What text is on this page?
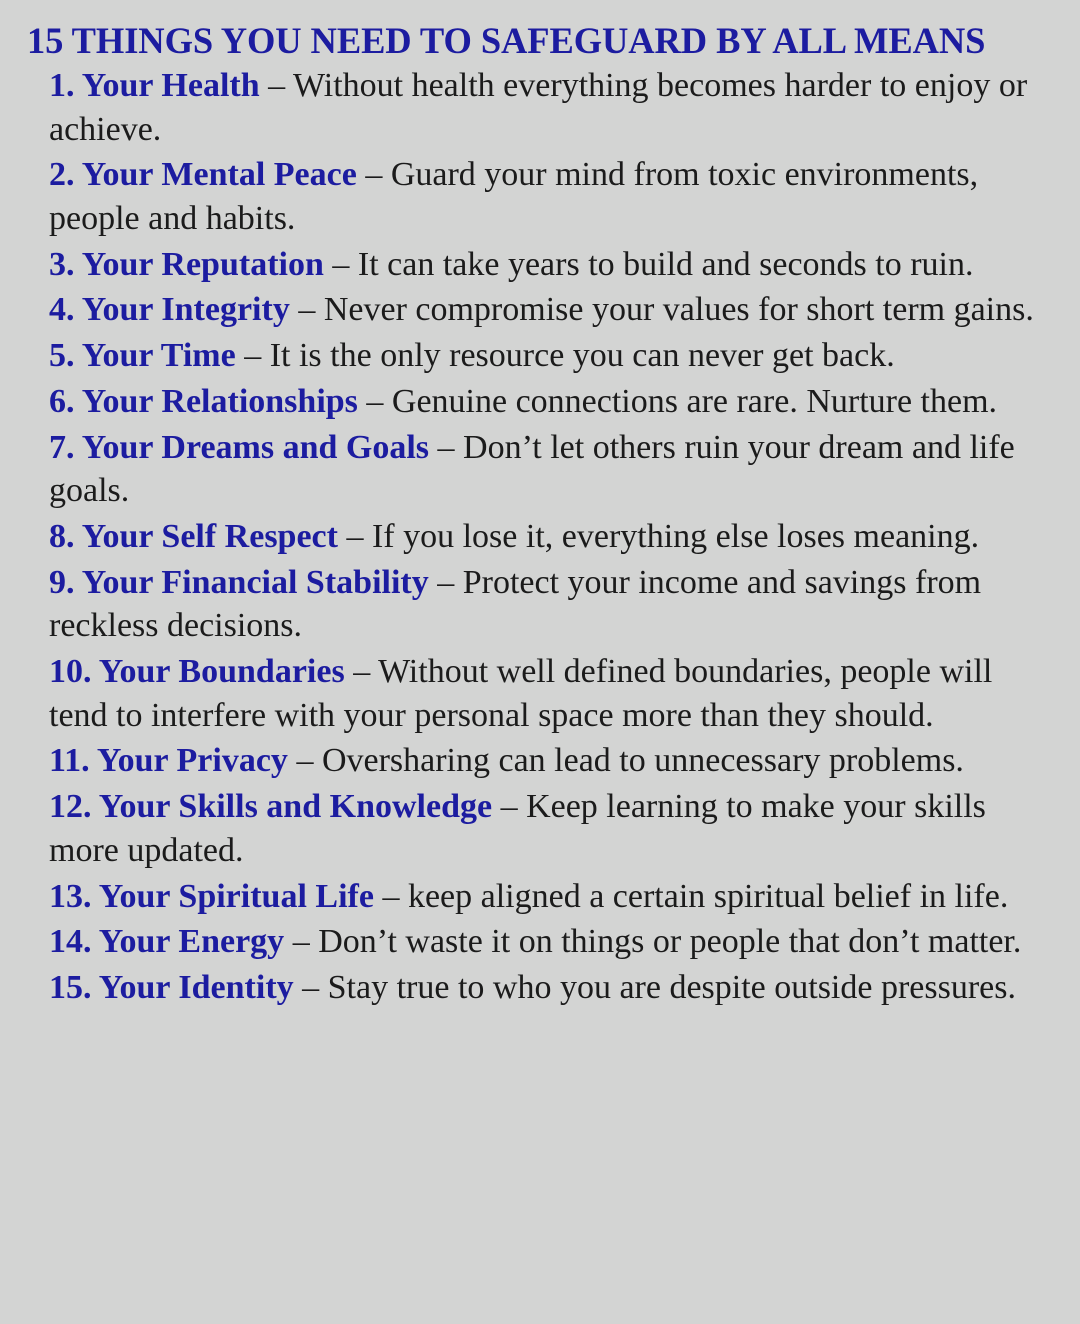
15 THINGS YOU NEED TO SAFEGUARD BY ALL MEANS
1. Your Health – Without health everything becomes harder to enjoy or achieve.
2. Your Mental Peace – Guard your mind from toxic environments, people and habits.
3. Your Reputation – It can take years to build and seconds to ruin.
4. Your Integrity – Never compromise your values for short term gains.
5. Your Time – It is the only resource you can never get back.
6. Your Relationships – Genuine connections are rare. Nurture them.
7. Your Dreams and Goals – Don’t let others ruin your dream and life goals.
8. Your Self Respect – If you lose it, everything else loses meaning.
9. Your Financial Stability – Protect your income and savings from reckless decisions.
10. Your Boundaries – Without well defined boundaries, people will tend to interfere with your personal space more than they should.
11. Your Privacy – Oversharing can lead to unnecessary problems.
12. Your Skills and Knowledge – Keep learning to make your skills more updated.
13. Your Spiritual Life – keep aligned a certain spiritual belief in life.
14. Your Energy – Don’t waste it on things or people that don’t matter.
15. Your Identity – Stay true to who you are despite outside pressures.
